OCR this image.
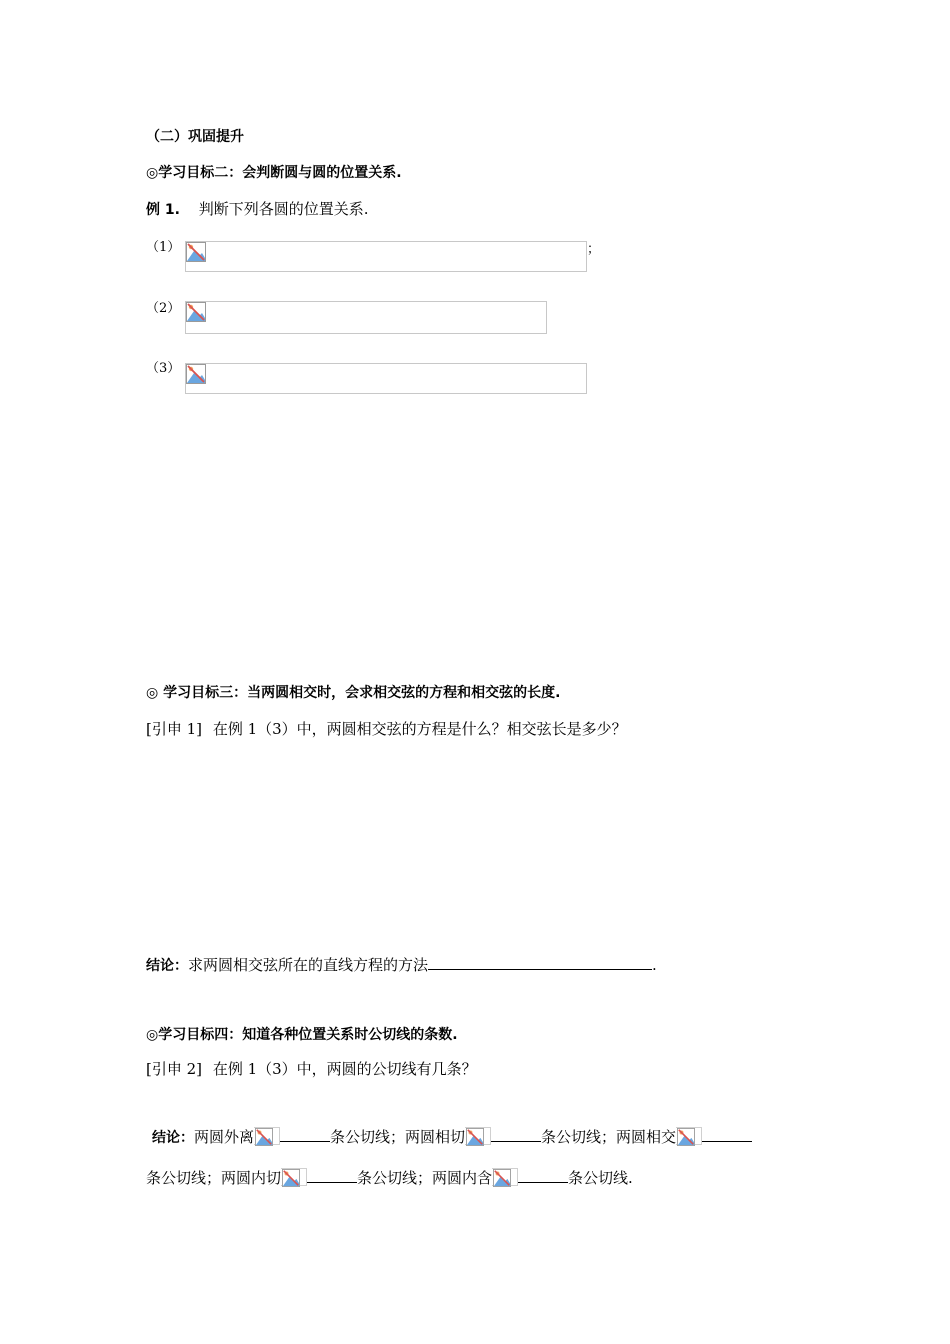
（二）巩固提升
◎学习目标二：会判断圆与圆的位置关系.
例 1. 判断下列各圆的位置关系.
（1）	；
（2）
（3）
◎ 学习目标三：当两圆相交时，会求相交弦的方程和相交弦的长度.
[引申 1] 在例 1（3）中，两圆相交弦的方程是什么？相交弦长是多少？
结论：求两圆相交弦所在的直线方程的方法	.
◎学习目标四：知道各种位置关系时公切线的条数.
[引申 2] 在例 1（3）中，两圆的公切线有几条？
结论：两圆外离	条公切线；两圆相切	条公切线；两圆相交
条公切线；两圆内切	条公切线；两圆内含	条公切线.
